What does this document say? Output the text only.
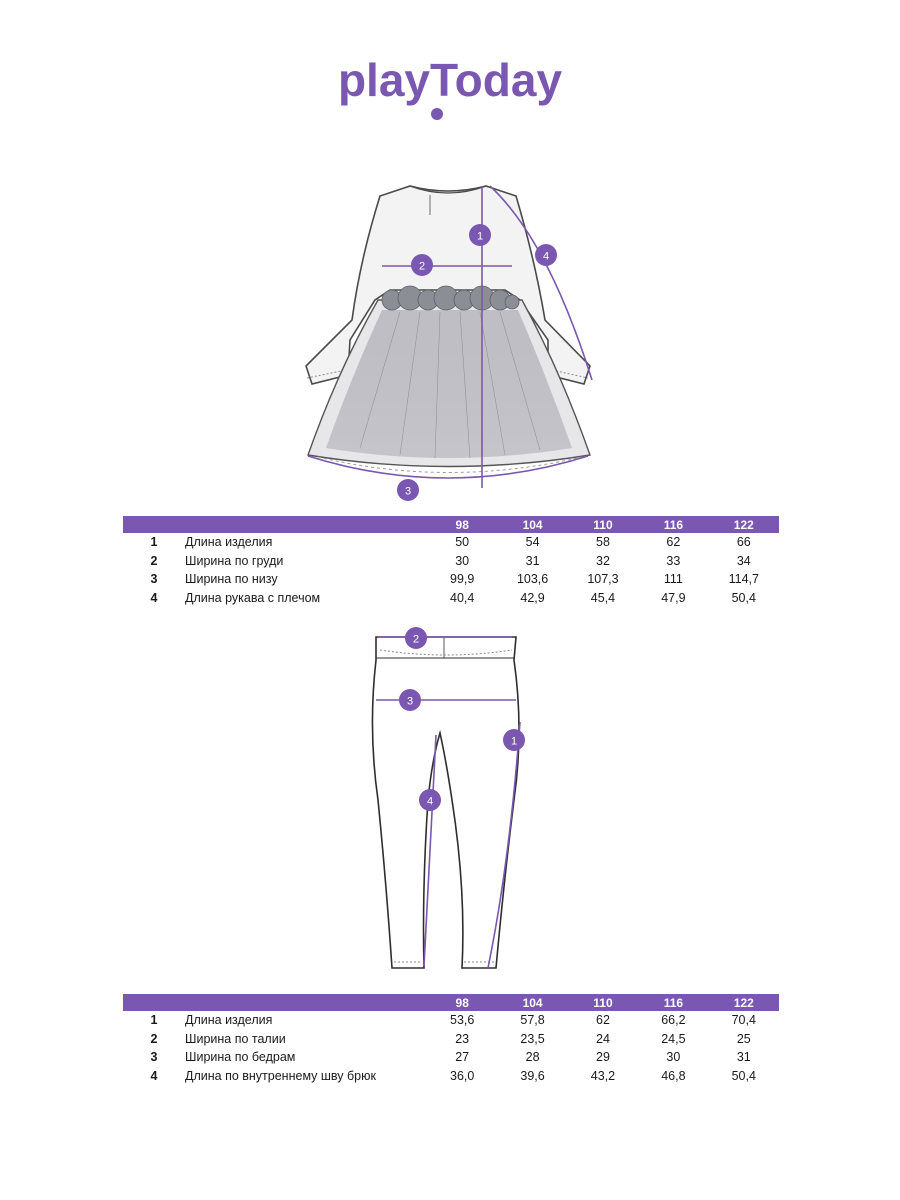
playToday
1
2
3
4
		98	104	110	116	122
1	Длина изделия	50	54	58	62	66
2	Ширина по груди	30	31	32	33	34
3	Ширина по низу	99,9	103,6	107,3	111	114,7
4	Длина рукава с плечом	40,4	42,9	45,4	47,9	50,4
1
2
3
4
		98	104	110	116	122
1	Длина изделия	53,6	57,8	62	66,2	70,4
2	Ширина по талии	23	23,5	24	24,5	25
3	Ширина по бедрам	27	28	29	30	31
4	Длина по внутреннему шву брюк	36,0	39,6	43,2	46,8	50,4
